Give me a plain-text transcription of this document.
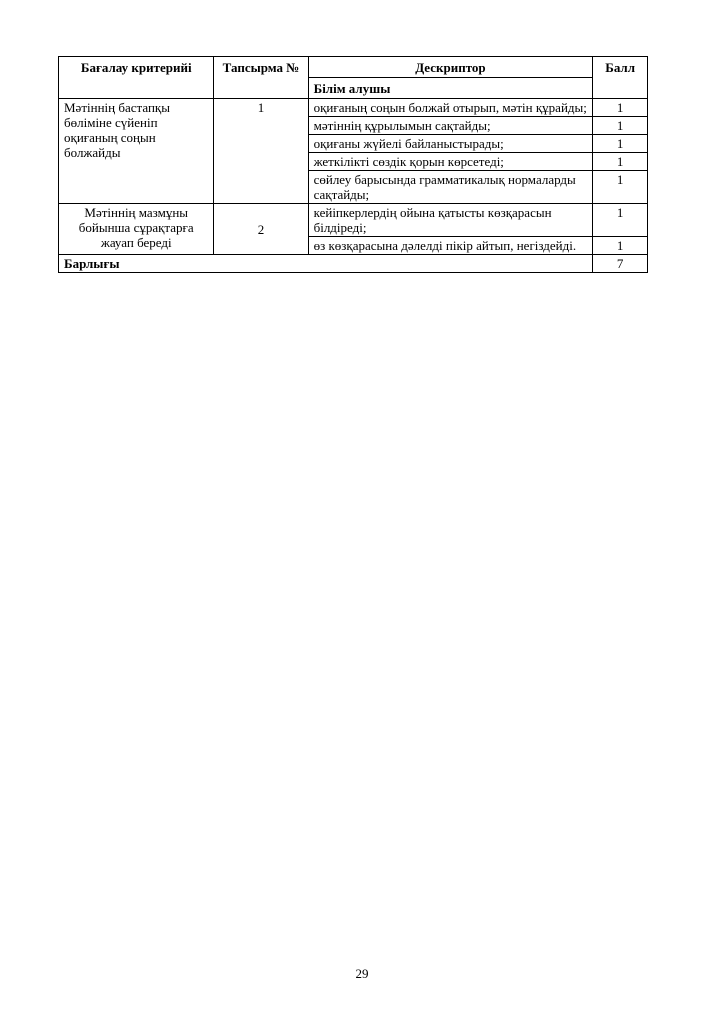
Бағалау критерийі	Тапсырма №	Дескриптор	Балл
		Білім алушы	
Мәтіннің бастапқы бөліміне сүйеніп оқиғаның соңын болжайды	1	оқиғаның соңын болжай отырып, мәтін құрайды;	1
		мәтіннің құрылымын сақтайды;	1
		оқиғаны жүйелі байланыстырады;	1
		жеткілікті сөздік қорын көрсетеді;	1
		сөйлеу барысында грамматикалық нормаларды сақтайды;	1
Мәтіннің мазмұны бойынша сұрақтарға жауап береді	2	кейіпкерлердің ойына қатысты көзқарасын білдіреді;	1
		өз көзқарасына дәлелді пікір айтып, негіздейді.	1
Барлығы			7
29
